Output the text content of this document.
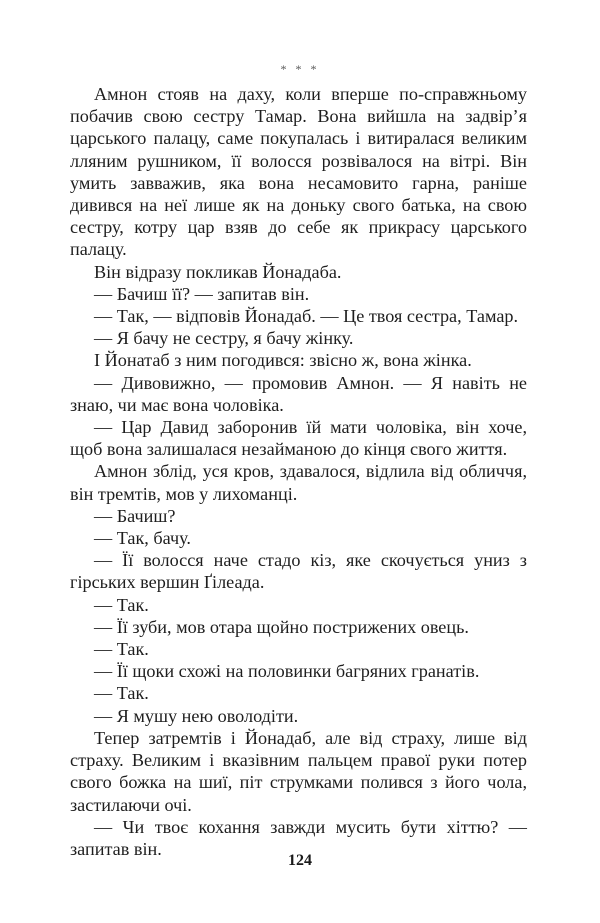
* * *

Амнон стояв на даху, коли вперше по-справжньому побачив свою сестру Тамар. Вона вийшла на задвір’я царського палацу, саме покупалась і витиралася великим лляним рушником, її волосся розвівалося на вітрі. Він умить завважив, яка вона несамовито гарна, раніше дивився на неї лише як на доньку свого батька, на свою сестру, котру цар взяв до себе як прикрасу царського палацу.

Він відразу покликав Йонадаба.

— Бачиш її? — запитав він.

— Так, — відповів Йонадаб. — Це твоя сестра, Тамар.

— Я бачу не сестру, я бачу жінку.

І Йонатаб з ним погодився: звісно ж, вона жінка.

— Дивовижно, — промовив Амнон. — Я навіть не знаю, чи має вона чоловіка.

— Цар Давид заборонив їй мати чоловіка, він хоче, щоб вона залишалася незайманою до кінця свого життя.

Амнон зблід, уся кров, здавалося, відлила від обличчя, він тремтів, мов у лихоманці.

— Бачиш?

— Так, бачу.

— Її волосся наче стадо кіз, яке скочується униз з гірських вершин Ґілеада.

— Так.

— Її зуби, мов отара щойно пострижених овець.

— Так.

— Її щоки схожі на половинки багряних гранатів.

— Так.

— Я мушу нею оволодіти.

Тепер затремтів і Йонадаб, але від страху, лише від страху. Великим і вказівним пальцем правої руки потер свого божка на шиї, піт струмками полився з його чола, застилаючи очі.

— Чи твоє кохання завжди мусить бути хіттю? — запитав він.

124
